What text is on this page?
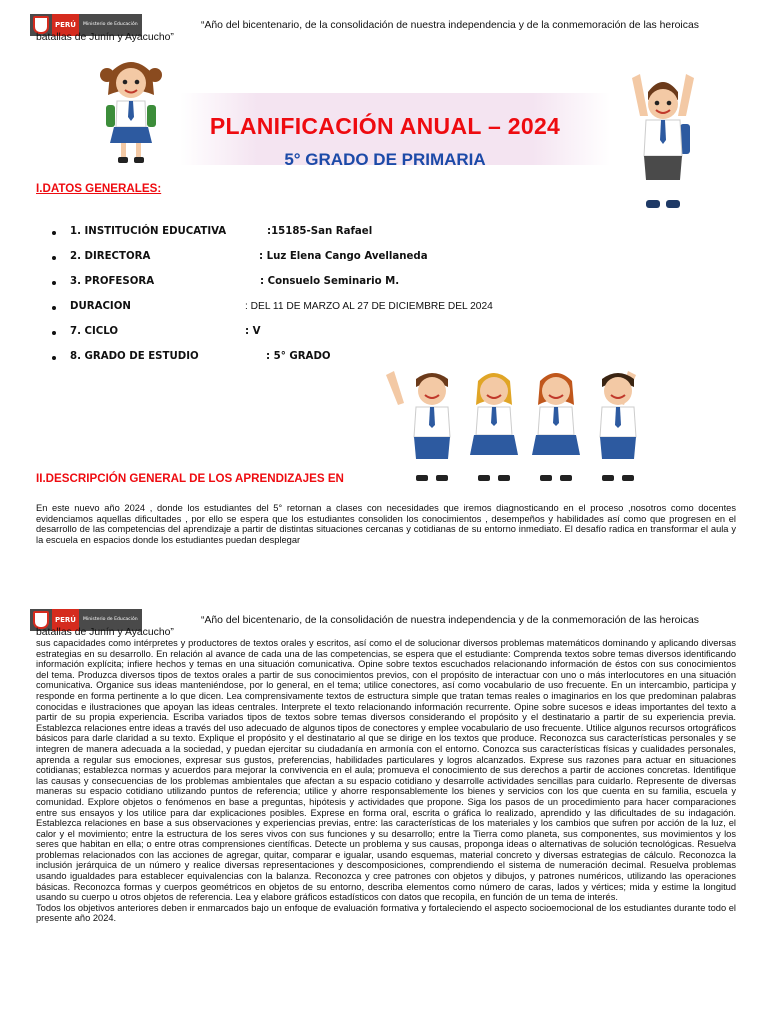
PERÚ	Ministerio de Educación	“Año del bicentenario, de la consolidación de nuestra independencia y de la conmemoración de las heroicas batallas de Junín y Ayacucho”
PLANIFICACIÓN ANUAL – 2024
5° GRADO DE PRIMARIA
I.DATOS GENERALES:
1. INSTITUCIÓN EDUCATIVA	:15185-San Rafael
2. DIRECTORA	: Luz Elena Cango Avellaneda
3. PROFESORA	: Consuelo Seminario M.
DURACION	: DEL 11 DE MARZO AL 27 DE DICIEMBRE DEL 2024
7. CICLO	: V
8. GRADO DE ESTUDIO	: 5° GRADO
II.DESCRIPCIÓN GENERAL DE LOS APRENDIZAJES EN

En este nuevo año 2024 , donde los estudiantes del 5° retornan a clases con necesidades que iremos diagnosticando en el proceso ,nosotros como docentes evidenciamos aquellas dificultades , por ello se espera que los estudiantes consoliden los conocimientos , desempeños y habilidades así como que progresen en el desarrollo de las competencias del aprendizaje a partir de distintas situaciones cercanas y cotidianas de su entorno inmediato. El desafío radica en transformar el aula y la escuela en espacios donde los estudiantes puedan desplegar

PERÚ	Ministerio de Educación	“Año del bicentenario, de la consolidación de nuestra independencia y de la conmemoración de las heroicas batallas de Junín y Ayacucho”
sus capacidades como intérpretes y productores de textos orales y escritos, así como el de solucionar diversos problemas matemáticos dominando y aplicando diversas estrategias en su desarrollo. En relación al avance de cada una de las competencias, se espera que el estudiante: Comprenda textos sobre temas diversos identificando información explícita; infiere hechos y temas en una situación comunicativa. Opine sobre textos escuchados relacionando información de éstos con sus conocimientos del tema. Produzca diversos tipos de textos orales a partir de sus conocimientos previos, con el propósito de interactuar con uno o más interlocutores en una situación comunicativa. Organice sus ideas manteniéndose, por lo general, en el tema; utilice conectores, así como vocabulario de uso frecuente. En un intercambio, participa y responde en forma pertinente a lo que dicen. Lea comprensivamente textos de estructura simple que tratan temas reales o imaginarios en los que predominan palabras conocidas e ilustraciones que apoyan las ideas centrales. Interprete el texto relacionando información recurrente. Opine sobre sucesos e ideas importantes del texto a partir de su propia experiencia. Escriba variados tipos de textos sobre temas diversos considerando el propósito y el destinatario a partir de su experiencia previa. Establezca relaciones entre ideas a través del uso adecuado de algunos tipos de conectores y emplee vocabulario de uso frecuente. Utilice algunos recursos ortográficos básicos para darle claridad a su texto. Explique el propósito y el destinatario al que se dirige en los textos que produce. Reconozca sus características personales y se integren de manera adecuada a la sociedad, y puedan ejercitar su ciudadanía en armonía con el entorno. Conozca sus características físicas y cualidades personales, aprenda a regular sus emociones, expresar sus gustos, preferencias, habilidades particulares y logros alcanzados. Exprese sus razones para actuar en situaciones cotidianas; establezca normas y acuerdos para mejorar la convivencia en el aula; promueva el conocimiento de sus derechos a partir de acciones concretas. Identifique las causas y consecuencias de los problemas ambientales que afectan a su espacio cotidiano y desarrolle actividades sencillas para cuidarlo. Represente de diversas maneras su espacio cotidiano utilizando puntos de referencia; utilice y ahorre responsablemente los bienes y servicios con los que cuenta en su familia, escuela y comunidad. Explore objetos o fenómenos en base a preguntas, hipótesis y actividades que propone. Siga los pasos de un procedimiento para hacer comparaciones entre sus ensayos y los utilice para dar explicaciones posibles. Exprese en forma oral, escrita o gráfica lo realizado, aprendido y las dificultades de su indagación. Establezca relaciones en base a sus observaciones y experiencias previas, entre: las características de los materiales y los cambios que sufren por acción de la luz, el calor y el movimiento; entre la estructura de los seres vivos con sus funciones y su desarrollo; entre la Tierra como planeta, sus componentes, sus movimientos y los seres que habitan en ella; o entre otras comprensiones científicas. Detecte un problema y sus causas, proponga ideas o alternativas de solución tecnológicas. Resuelva problemas relacionados con las acciones de agregar, quitar, comparar e igualar, usando esquemas, material concreto y diversas estrategias de cálculo. Reconozca la inclusión jerárquica de un número y realice diversas representaciones y descomposiciones, comprendiendo el sistema de numeración decimal. Resuelva problemas usando igualdades para establecer equivalencias con la balanza. Reconozca y cree patrones con objetos y dibujos, y patrones numéricos, utilizando las operaciones básicas. Reconozca formas y cuerpos geométricos en objetos de su entorno, describa elementos como número de caras, lados y vértices; mida y estime la longitud usando su cuerpo u otros objetos de referencia. Lea y elabore gráficos estadísticos con datos que recopila, en función de un tema de interés.
Todos los objetivos anteriores deben ir enmarcados bajo un enfoque de evaluación formativa y fortaleciendo el aspecto socioemocional de los estudiantes durante todo el presente año 2024.
